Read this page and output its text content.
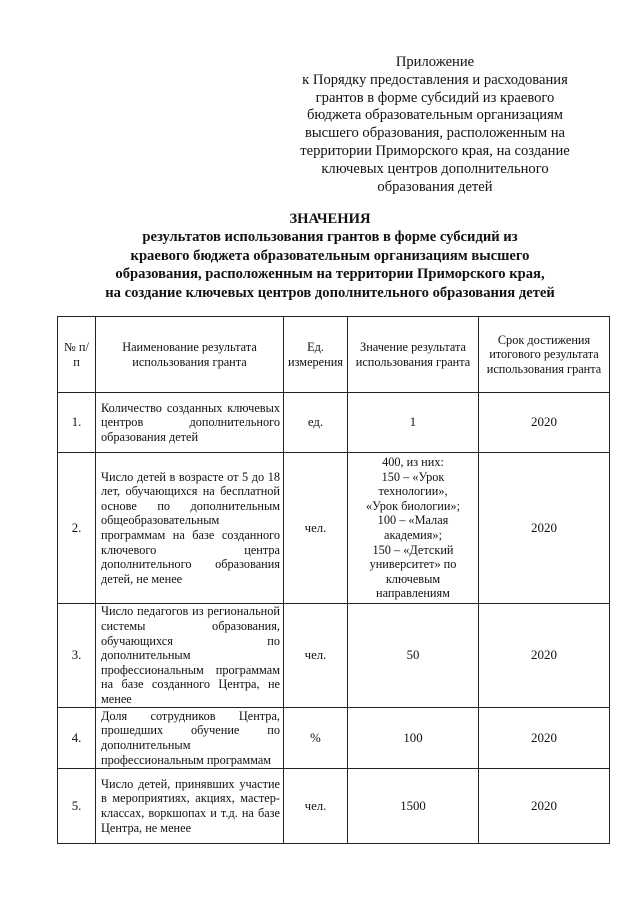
Приложение
к Порядку предоставления и расходования
грантов в форме субсидий из краевого
бюджета образовательным организациям
высшего образования, расположенным на
территории Приморского края, на создание
ключевых центров дополнительного
образования детей
ЗНАЧЕНИЯ
результатов использования грантов в форме субсидий из
краевого бюджета образовательным организациям высшего
образования, расположенным на территории Приморского края,
на создание ключевых центров дополнительного образования детей
№ п/п	Наименование результата использования гранта	Ед. измерения	Значение результата использования гранта	Срок достижения итогового результата использования гранта
1.	Количество созданных ключевых центров дополнительного образования детей	ед.	1	2020
2.	Число детей в возрасте от 5 до 18 лет, обучающихся на бесплатной основе по дополнительным общеобразовательным программам на базе созданного ключевого центра дополнительного образования детей, не менее	чел.	400, из них:
150 – «Урок технологии»,
«Урок биологии»;
100 – «Малая академия»;
150 – «Детский университет» по ключевым направлениям	2020
3.	Число педагогов из региональной системы образования, обучающихся по дополнительным профессиональным программам на базе созданного Центра, не менее	чел.	50	2020
4.	Доля сотрудников Центра, прошедших обучение по дополнительным профессиональным программам	%	100	2020
5.	Число детей, принявших участие в мероприятиях, акциях, мастер-классах, воркшопах и т.д. на базе Центра, не менее	чел.	1500	2020
